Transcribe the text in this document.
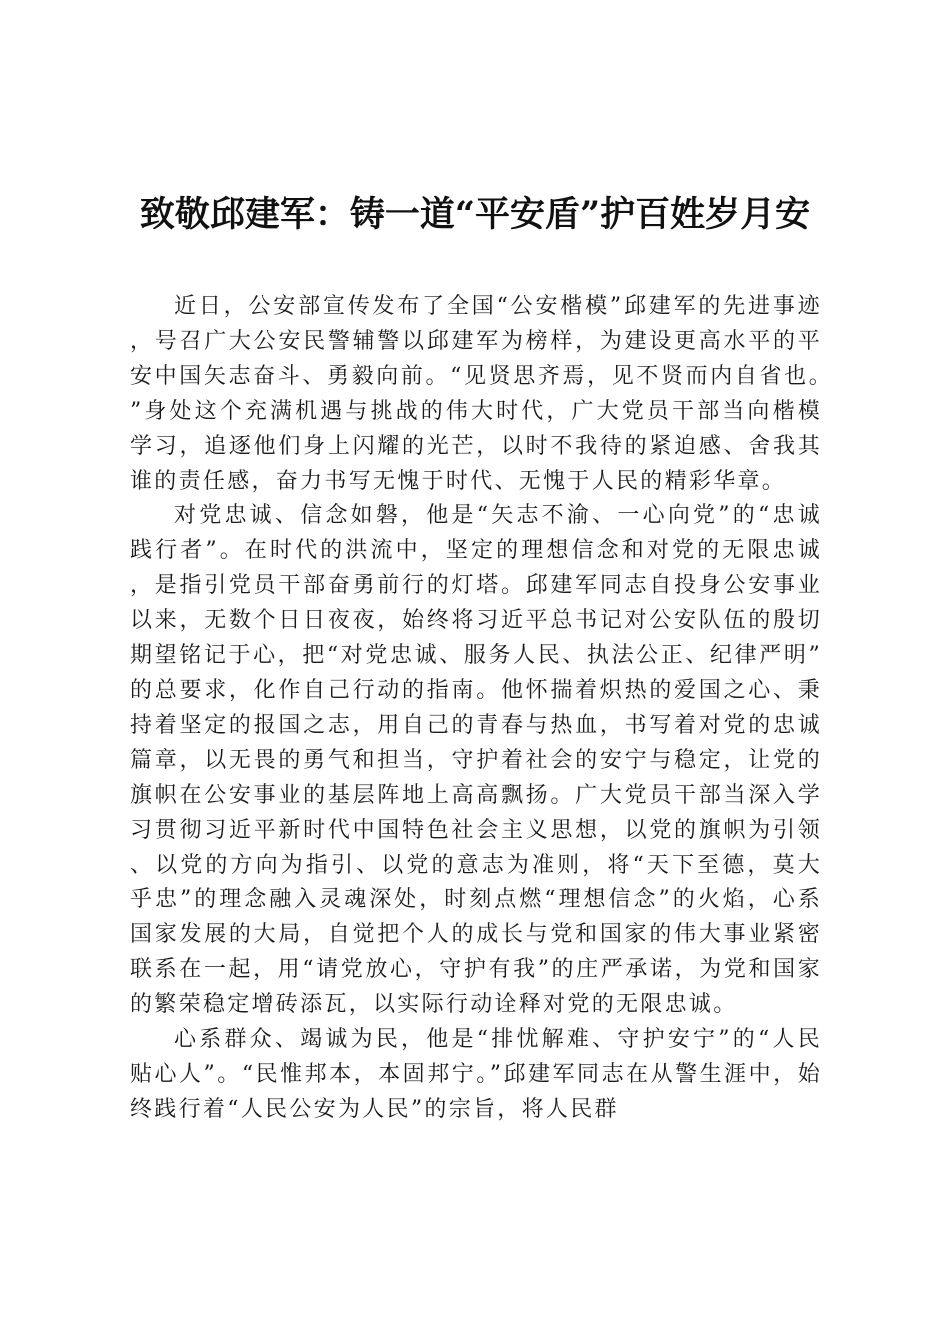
致敬邱建军：铸一道“平安盾”护百姓岁月安

近日，公安部宣传发布了全国“公安楷模”邱建军的先进事迹，号召广大公安民警辅警以邱建军为榜样，为建设更高水平的平安中国矢志奋斗、勇毅向前。“见贤思齐焉，见不贤而内自省也。”身处这个充满机遇与挑战的伟大时代，广大党员干部当向楷模学习，追逐他们身上闪耀的光芒，以时不我待的紧迫感、舍我其谁的责任感，奋力书写无愧于时代、无愧于人民的精彩华章。

对党忠诚、信念如磐，他是“矢志不渝、一心向党”的“忠诚践行者”。在时代的洪流中，坚定的理想信念和对党的无限忠诚，是指引党员干部奋勇前行的灯塔。邱建军同志自投身公安事业以来，无数个日日夜夜，始终将习近平总书记对公安队伍的殷切期望铭记于心，把“对党忠诚、服务人民、执法公正、纪律严明”的总要求，化作自己行动的指南。他怀揣着炽热的爱国之心、秉持着坚定的报国之志，用自己的青春与热血，书写着对党的忠诚篇章，以无畏的勇气和担当，守护着社会的安宁与稳定，让党的旗帜在公安事业的基层阵地上高高飘扬。广大党员干部当深入学习贯彻习近平新时代中国特色社会主义思想，以党的旗帜为引领、以党的方向为指引、以党的意志为准则，将“天下至德，莫大乎忠”的理念融入灵魂深处，时刻点燃“理想信念”的火焰，心系国家发展的大局，自觉把个人的成长与党和国家的伟大事业紧密联系在一起，用“请党放心，守护有我”的庄严承诺，为党和国家的繁荣稳定增砖添瓦，以实际行动诠释对党的无限忠诚。

心系群众、竭诚为民，他是“排忧解难、守护安宁”的“人民贴心人”。“民惟邦本，本固邦宁。”邱建军同志在从警生涯中，始终践行着“人民公安为人民”的宗旨，将人民群
